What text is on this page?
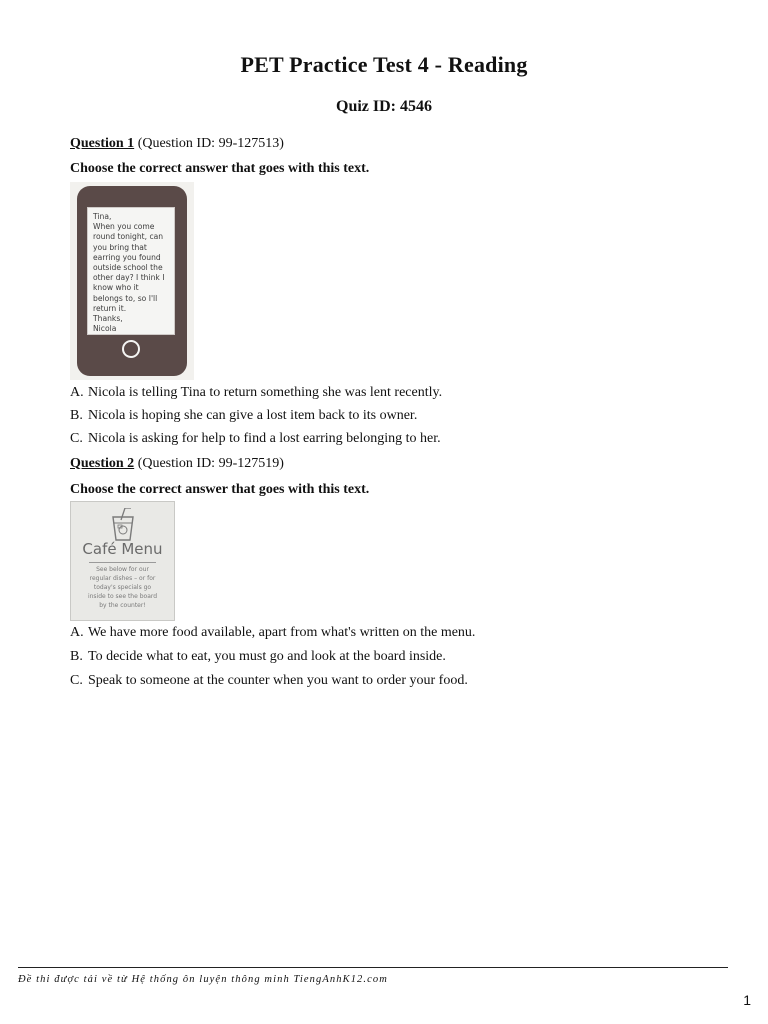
PET Practice Test 4 - Reading
Quiz ID: 4546
Question 1 (Question ID: 99-127513)
Choose the correct answer that goes with this text.
Tina,
When you come round tonight, can you bring that earring you found outside school the other day? I think I know who it belongs to, so I'll return it.
Thanks,
Nicola
A. Nicola is telling Tina to return something she was lent recently.
B. Nicola is hoping she can give a lost item back to its owner.
C. Nicola is asking for help to find a lost earring belonging to her.
Question 2 (Question ID: 99-127519)
Choose the correct answer that goes with this text.
Café Menu
See below for our
regular dishes – or for
today's specials go
inside to see the board
by the counter!
A. We have more food available, apart from what's written on the menu.
B. To decide what to eat, you must go and look at the board inside.
C. Speak to someone at the counter when you want to order your food.
Đề thi được tải về từ Hệ thống ôn luyện thông minh TiengAnhK12.com
1
